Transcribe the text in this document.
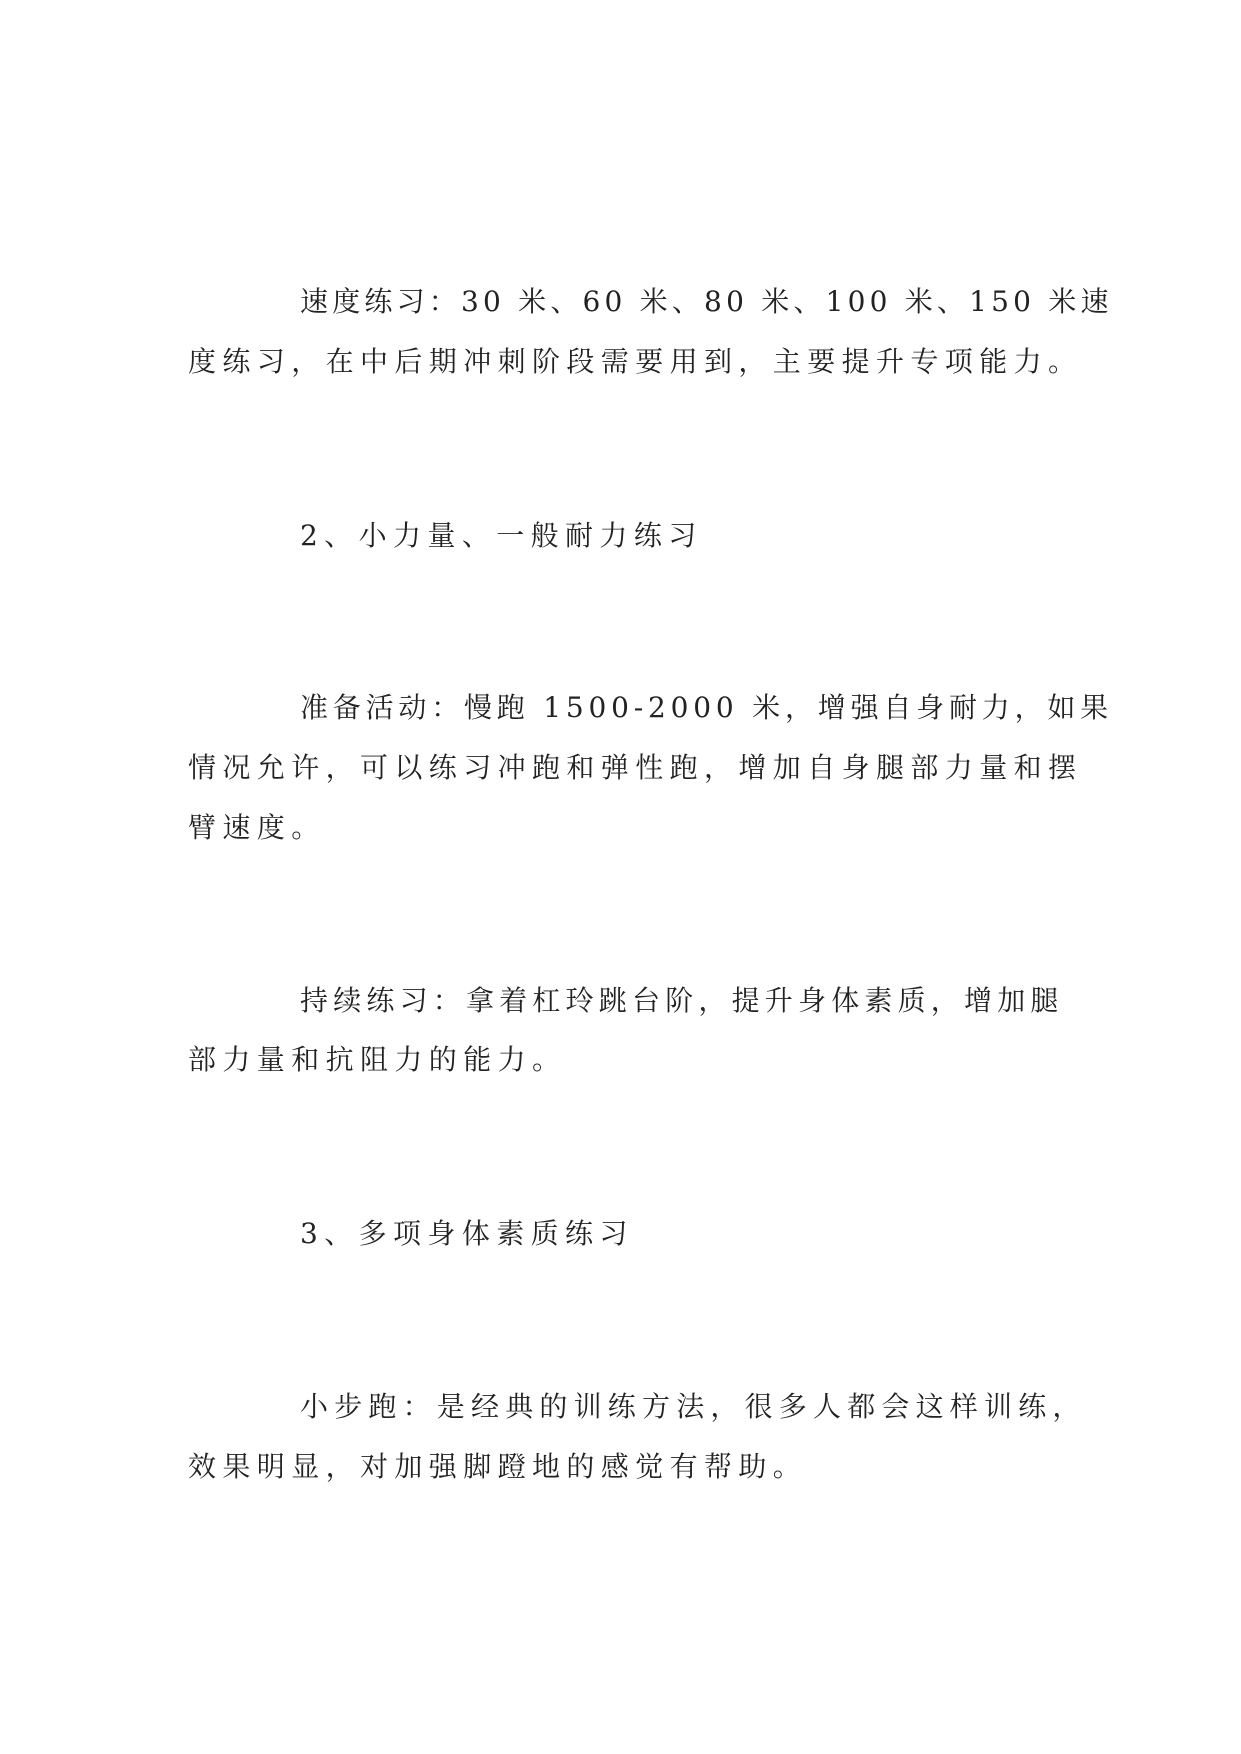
速度练习：30 米、60 米、80 米、100 米、150 米速
度练习，在中后期冲刺阶段需要用到，主要提升专项能力。
2、小力量、一般耐力练习
准备活动：慢跑 1500-2000 米，增强自身耐力，如果
情况允许，可以练习冲跑和弹性跑，增加自身腿部力量和摆
臂速度。
持续练习：拿着杠玲跳台阶，提升身体素质，增加腿
部力量和抗阻力的能力。
3、多项身体素质练习
小步跑：是经典的训练方法，很多人都会这样训练，
效果明显，对加强脚蹬地的感觉有帮助。
